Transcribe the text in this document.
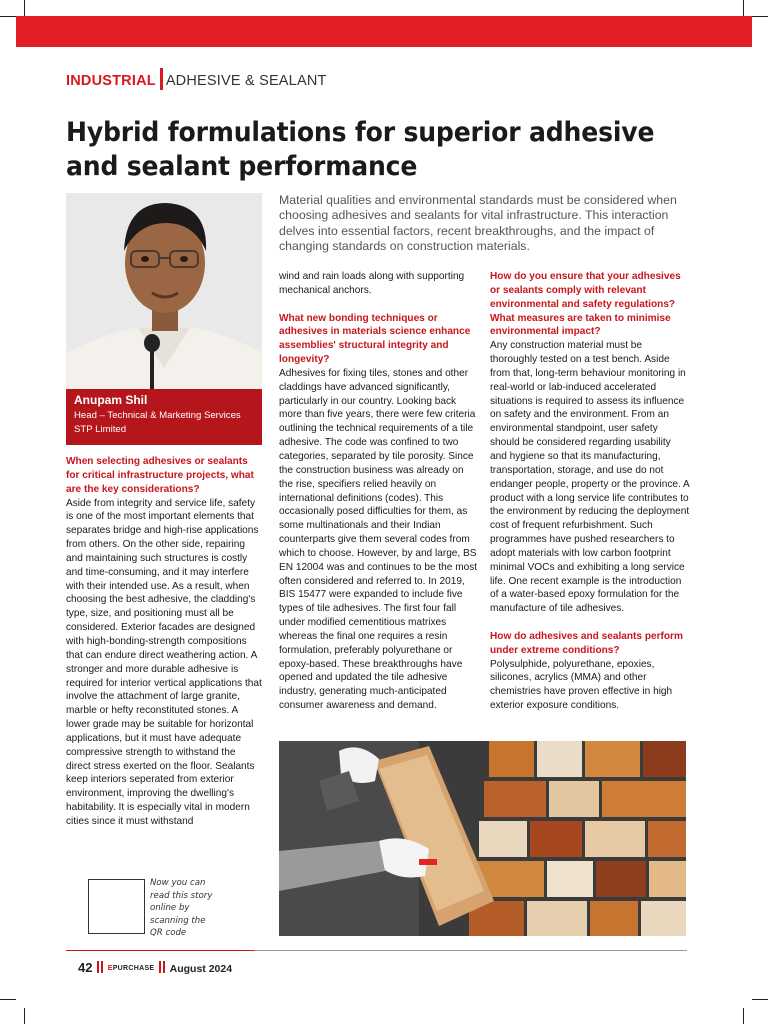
INDUSTRIAL ADHESIVE & SEALANT
Hybrid formulations for superior adhesive and sealant performance
Material qualities and environmental standards must be considered when choosing adhesives and sealants for vital infrastructure. This interaction delves into essential factors, recent breakthroughs, and the impact of changing standards on construction materials.
Anupam Shil
Head – Technical & Marketing Services
STP Limited

When selecting adhesives or sealants for critical infrastructure projects, what are the key considerations?

Aside from integrity and service life, safety is one of the most important elements that separates bridge and high-rise applications from others. On the other side, repairing and maintaining such structures is costly and time-consuming, and it may interfere with their intended use. As a result, when choosing the best adhesive, the cladding's type, size, and positioning must all be considered. Exterior facades are designed with high-bonding-strength compositions that can endure direct weathering action. A stronger and more durable adhesive is required for interior vertical applications that involve the attachment of large granite, marble or hefty reconstituted stones. A lower grade may be suitable for horizontal applications, but it must have adequate compressive strength to withstand the direct stress exerted on the floor. Sealants keep interiors seperated from exterior environment, improving the dwelling's habitability. It is especially vital in modern cities since it must withstand

wind and rain loads along with supporting mechanical anchors.

What new bonding techniques or adhesives in materials science enhance assemblies' structural integrity and longevity?

Adhesives for fixing tiles, stones and other claddings have advanced significantly, particularly in our country. Looking back more than five years, there were few criteria outlining the technical requirements of a tile adhesive. The code was confined to two categories, separated by tile porosity. Since the construction business was already on the rise, specifiers relied heavily on international definitions (codes). This occasionally posed difficulties for them, as some multinationals and their Indian counterparts give them several codes from which to choose. However, by and large, BS EN 12004 was and continues to be the most often considered and referred to. In 2019, BIS 15477 were expanded to include five types of tile adhesives. The first four fall under modified cementitious matrixes whereas the final one requires a resin formulation, preferably polyurethane or epoxy-based. These breakthroughs have opened and updated the tile adhesive industry, generating much-anticipated consumer awareness and demand.

How do you ensure that your adhesives or sealants comply with relevant environmental and safety regulations? What measures are taken to minimise environmental impact?

Any construction material must be thoroughly tested on a test bench. Aside from that, long-term behaviour monitoring in real-world or lab-induced accelerated situations is required to assess its influence on safety and the environment. From an environmental standpoint, user safety should be considered regarding usability and hygiene so that its manufacturing, transportation, storage, and use do not endanger people, property or the province. A product with a long service life contributes to the environment by reducing the deployment cost of frequent refurbishment. Such programmes have pushed researchers to adopt materials with low carbon footprint minimal VOCs and exhibiting a long service life. One recent example is the introduction of a water-based epoxy formulation for the manufacture of tile adhesives.

How do adhesives and sealants perform under extreme conditions?

Polysulphide, polyurethane, epoxies, silicones, acrylics (MMA) and other chemistries have proven effective in high exterior exposure conditions.

Now you can read this story online by scanning the QR code
42 EPURCHASE August 2024
